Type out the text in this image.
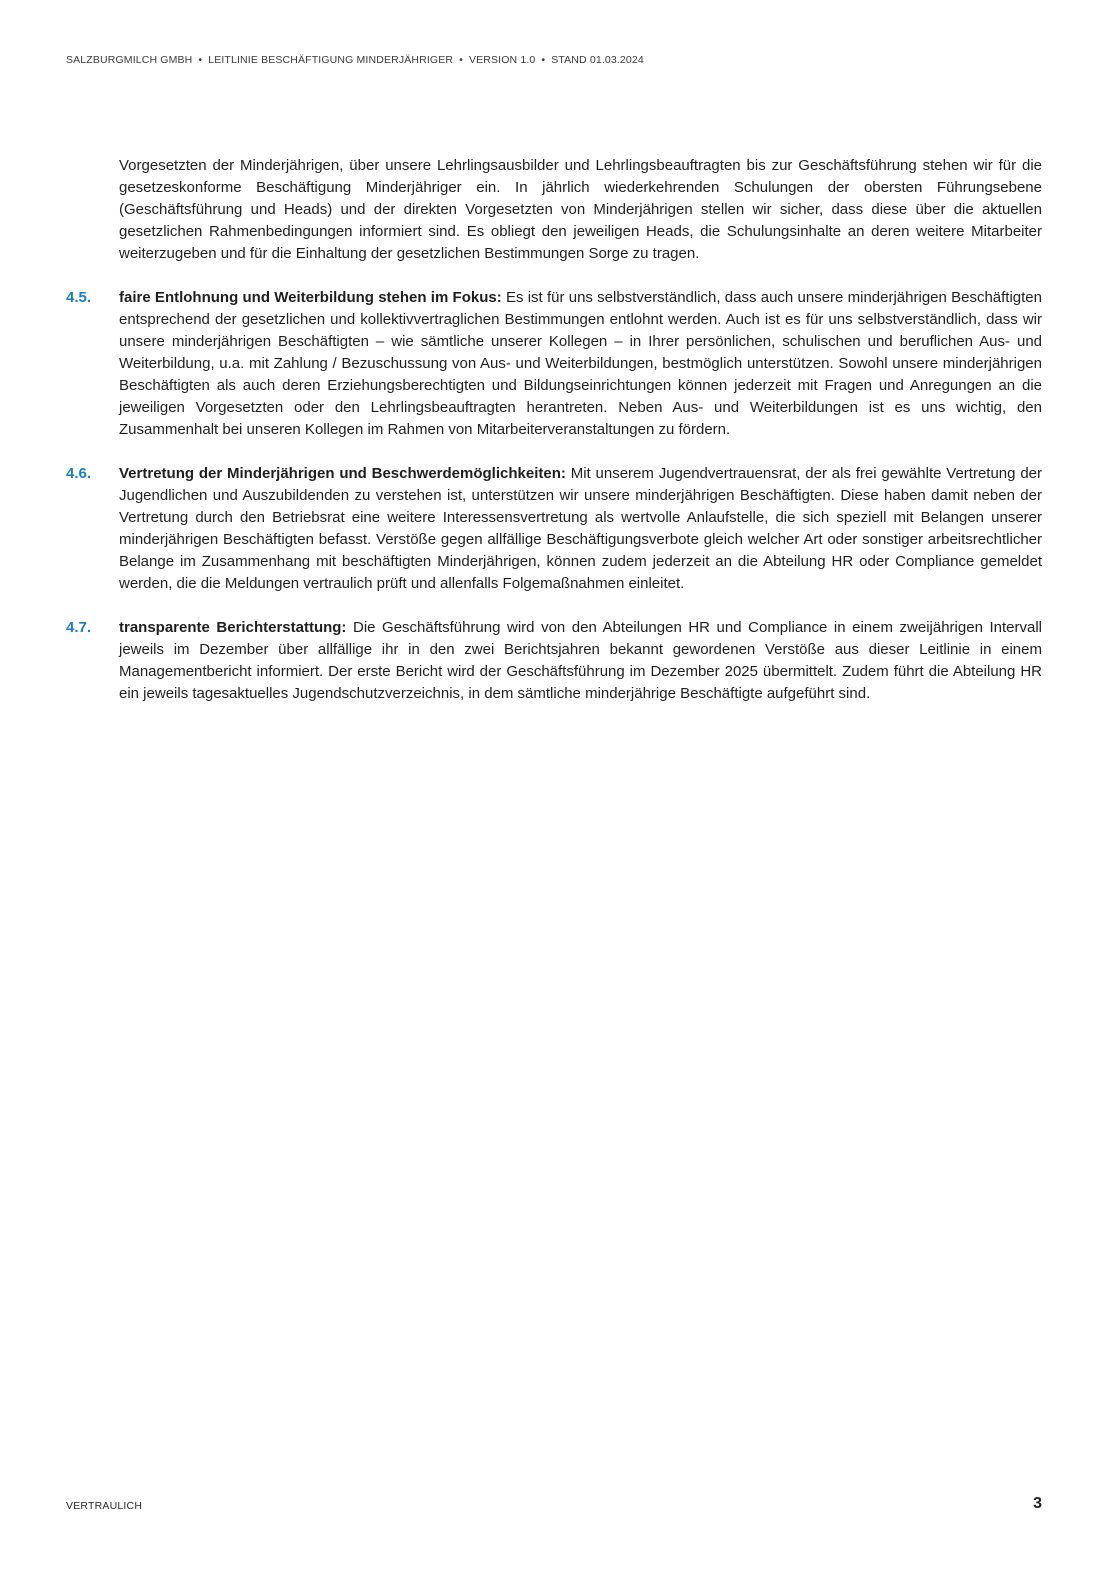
SALZBURGMILCH GMBH • LEITLINIE BESCHÄFTIGUNG MINDERJÄHRIGER • VERSION 1.0 • STAND 01.03.2024

Vorgesetzten der Minderjährigen, über unsere Lehrlingsausbilder und Lehrlingsbeauftragten bis zur Geschäftsführung stehen wir für die gesetzeskonforme Beschäftigung Minderjähriger ein. In jährlich wiederkehrenden Schulungen der obersten Führungsebene (Geschäftsführung und Heads) und der direkten Vorgesetzten von Minderjährigen stellen wir sicher, dass diese über die aktuellen gesetzlichen Rahmenbedingungen informiert sind. Es obliegt den jeweiligen Heads, die Schulungsinhalte an deren weitere Mitarbeiter weiterzugeben und für die Einhaltung der gesetzlichen Bestimmungen Sorge zu tragen.

4.5. faire Entlohnung und Weiterbildung stehen im Fokus: Es ist für uns selbstverständlich, dass auch unsere minderjährigen Beschäftigten entsprechend der gesetzlichen und kollektivvertraglichen Bestimmungen entlohnt werden. Auch ist es für uns selbstverständlich, dass wir unsere minderjährigen Beschäftigten – wie sämtliche unserer Kollegen – in Ihrer persönlichen, schulischen und beruflichen Aus- und Weiterbildung, u.a. mit Zahlung / Bezuschussung von Aus- und Weiterbildungen, bestmöglich unterstützen. Sowohl unsere minderjährigen Beschäftigten als auch deren Erziehungsberechtigten und Bildungseinrichtungen können jederzeit mit Fragen und Anregungen an die jeweiligen Vorgesetzten oder den Lehrlingsbeauftragten herantreten. Neben Aus- und Weiterbildungen ist es uns wichtig, den Zusammenhalt bei unseren Kollegen im Rahmen von Mitarbeiterveranstaltungen zu fördern.
4.6. Vertretung der Minderjährigen und Beschwerdemöglichkeiten: Mit unserem Jugendvertrauensrat, der als frei gewählte Vertretung der Jugendlichen und Auszubildenden zu verstehen ist, unterstützen wir unsere minderjährigen Beschäftigten. Diese haben damit neben der Vertretung durch den Betriebsrat eine weitere Interessensvertretung als wertvolle Anlaufstelle, die sich speziell mit Belangen unserer minderjährigen Beschäftigten befasst. Verstöße gegen allfällige Beschäftigungsverbote gleich welcher Art oder sonstiger arbeitsrechtlicher Belange im Zusammenhang mit beschäftigten Minderjährigen, können zudem jederzeit an die Abteilung HR oder Compliance gemeldet werden, die die Meldungen vertraulich prüft und allenfalls Folgemaßnahmen einleitet.
4.7. transparente Berichterstattung: Die Geschäftsführung wird von den Abteilungen HR und Compliance in einem zweijährigen Intervall jeweils im Dezember über allfällige ihr in den zwei Berichtsjahren bekannt gewordenen Verstöße aus dieser Leitlinie in einem Managementbericht informiert. Der erste Bericht wird der Geschäftsführung im Dezember 2025 übermittelt. Zudem führt die Abteilung HR ein jeweils tagesaktuelles Jugendschutzverzeichnis, in dem sämtliche minderjährige Beschäftigte aufgeführt sind.
VERTRAULICH	3
